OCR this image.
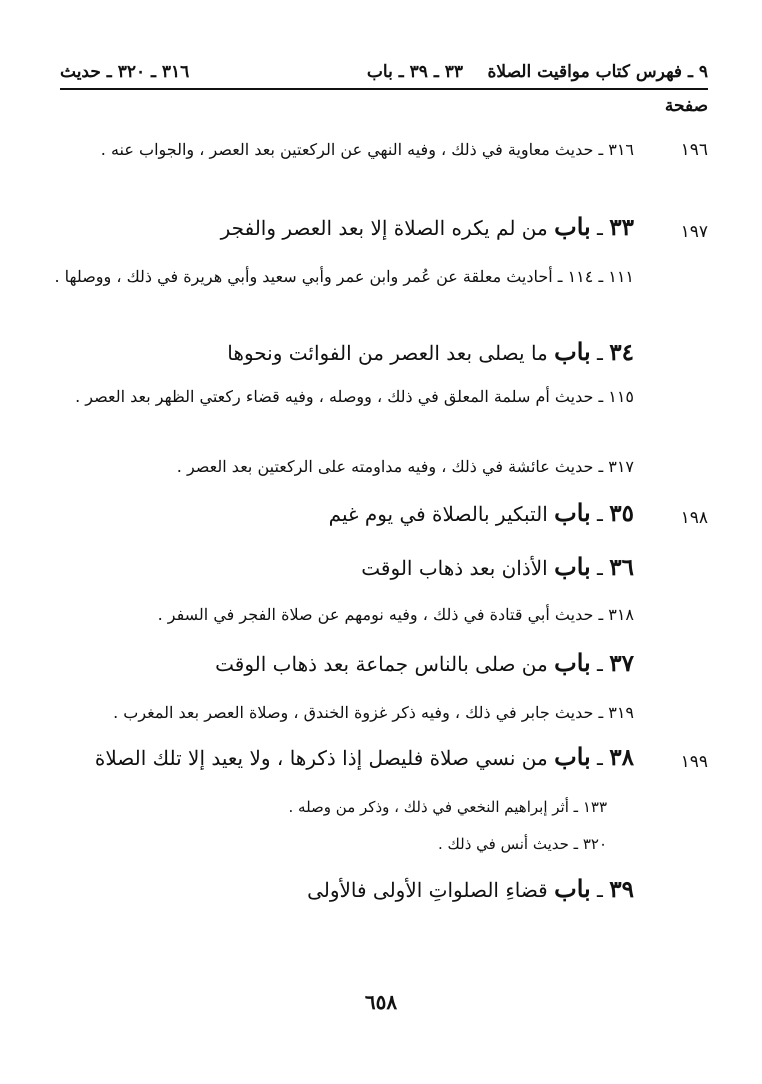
٩ ـ فهرس كتاب مواقيت الصلاة
٣٣ ـ ٣٩ ـ باب
٣١٦ ـ ٣٢٠ ـ حديث
صفحة
١٩٦
٣١٦ ـ حديث معاوية في ذلك ، وفيه النهي عن الركعتين بعد العصر ، والجواب عنه .
١٩٧
٣٣ ـ باب من لم يكره الصلاة إلا بعد العصر والفجر
١١١ ـ ١١٤ ـ أحاديث معلقة عن عُمر وابن عمر وأبي سعيد وأبي هريرة في ذلك ، ووصلها .
٣٤ ـ باب ما يصلى بعد العصر من الفوائت ونحوها
١١٥ ـ حديث أم سلمة المعلق في ذلك ، ووصله ، وفيه قضاء ركعتي الظهر بعد العصر .
٣١٧ ـ حديث عائشة في ذلك ، وفيه مداومته على الركعتين بعد العصر .
١٩٨
٣٥ ـ باب التبكير بالصلاة في يوم غيم
٣٦ ـ باب الأذان بعد ذهاب الوقت
٣١٨ ـ حديث أبي قتادة في ذلك ، وفيه نومهم عن صلاة الفجر في السفر .
٣٧ ـ باب من صلى بالناس جماعة بعد ذهاب الوقت
٣١٩ ـ حديث جابر في ذلك ، وفيه ذكر غزوة الخندق ، وصلاة العصر بعد المغرب .
١٩٩
٣٨ ـ باب من نسي صلاة فليصل إذا ذكرها ، ولا يعيد إلا تلك الصلاة
١٣٣ ـ أثر إبراهيم النخعي في ذلك ، وذكر من وصله .
٣٢٠ ـ حديث أنس في ذلك .
٣٩ ـ باب قضاءِ الصلواتِ الأولى فالأولى
٦٥٨
